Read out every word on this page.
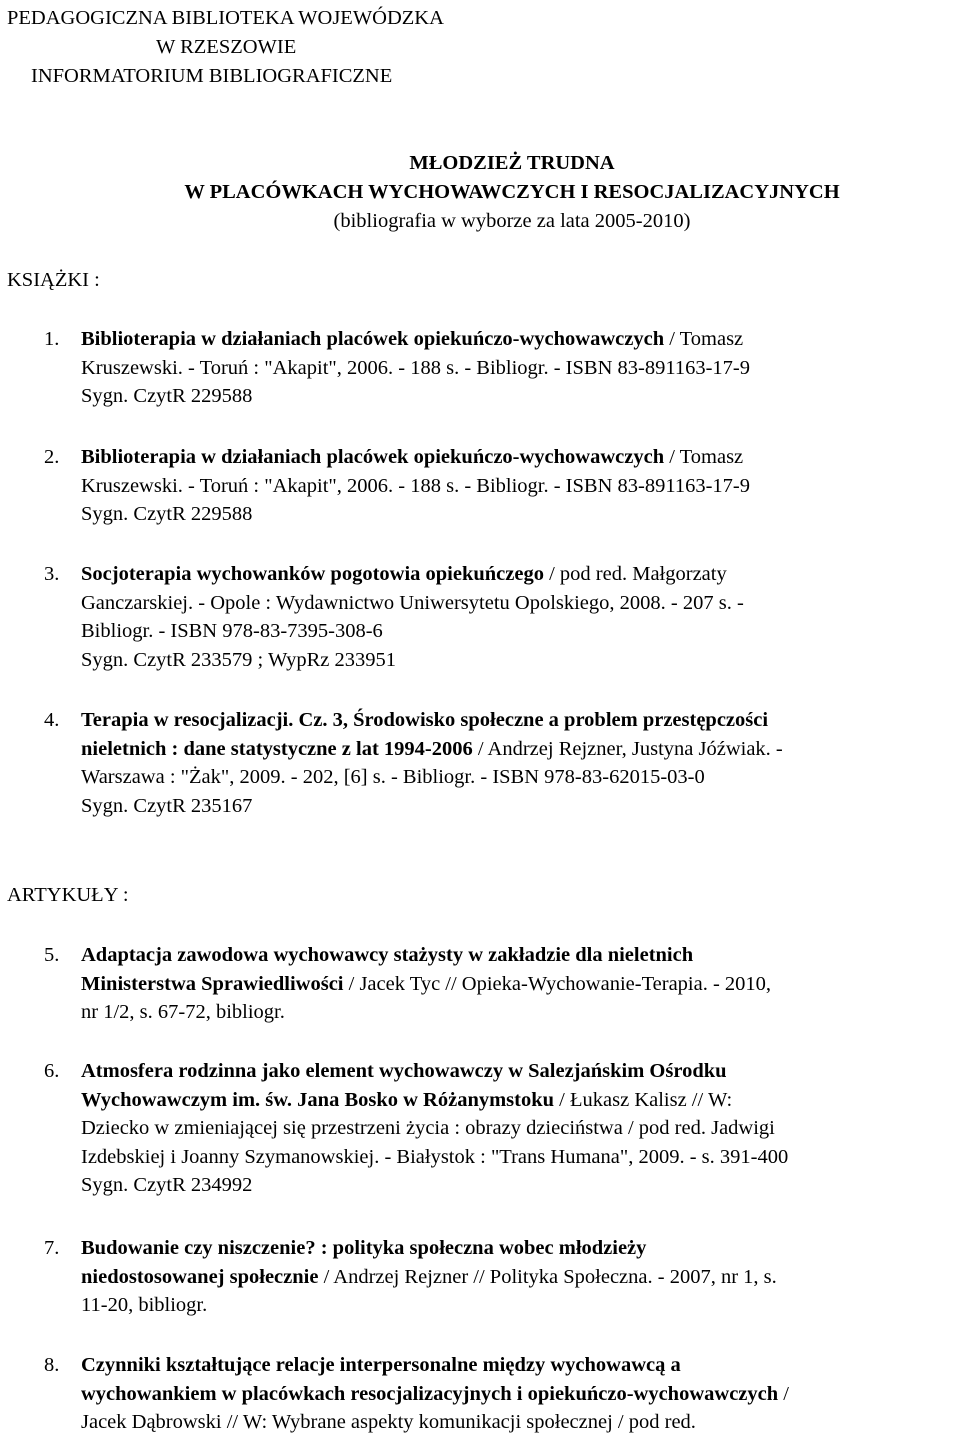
PEDAGOGICZNA BIBLIOTEKA WOJEWÓDZKA
W RZESZOWIE
INFORMATORIUM BIBLIOGRAFICZNE
MŁODZIEŻ TRUDNA
W PLACÓWKACH WYCHOWAWCZYCH I RESOCJALIZACYJNYCH
(bibliografia w wyborze za lata 2005-2010)
KSIĄŻKI :
1. Biblioterapia w działaniach placówek opiekuńczo-wychowawczych / Tomasz
Kruszewski. - Toruń : "Akapit", 2006. - 188 s. - Bibliogr. - ISBN 83-891163-17-9
Sygn. CzytR 229588
2. Biblioterapia w działaniach placówek opiekuńczo-wychowawczych / Tomasz
Kruszewski. - Toruń : "Akapit", 2006. - 188 s. - Bibliogr. - ISBN 83-891163-17-9
Sygn. CzytR 229588
3. Socjoterapia wychowanków pogotowia opiekuńczego / pod red. Małgorzaty
Ganczarskiej. - Opole : Wydawnictwo Uniwersytetu Opolskiego, 2008. - 207 s. -
Bibliogr. - ISBN 978-83-7395-308-6
Sygn. CzytR 233579 ; WypRz 233951
4. Terapia w resocjalizacji. Cz. 3, Środowisko społeczne a problem przestępczości
nieletnich : dane statystyczne z lat 1994-2006 / Andrzej Rejzner, Justyna Jóźwiak. -
Warszawa : "Żak", 2009. - 202, [6] s. - Bibliogr. - ISBN 978-83-62015-03-0
Sygn. CzytR 235167
ARTYKUŁY :
5. Adaptacja zawodowa wychowawcy stażysty w zakładzie dla nieletnich
Ministerstwa Sprawiedliwości / Jacek Tyc // Opieka-Wychowanie-Terapia. - 2010,
nr 1/2, s. 67-72, bibliogr.
6. Atmosfera rodzinna jako element wychowawczy w Salezjańskim Ośrodku
Wychowawczym im. św. Jana Bosko w Różanymstoku / Łukasz Kalisz // W:
Dziecko w zmieniającej się przestrzeni życia : obrazy dzieciństwa / pod red. Jadwigi
Izdebskiej i Joanny Szymanowskiej. - Białystok : "Trans Humana", 2009. - s. 391-400
Sygn. CzytR 234992
7. Budowanie czy niszczenie? : polityka społeczna wobec młodzieży
niedostosowanej społecznie / Andrzej Rejzner // Polityka Społeczna. - 2007, nr 1, s.
11-20, bibliogr.
8. Czynniki kształtujące relacje interpersonalne między wychowawcą a
wychowankiem w placówkach resocjalizacyjnych i opiekuńczo-wychowawczych /
Jacek Dąbrowski // W: Wybrane aspekty komunikacji społecznej / pod red.
